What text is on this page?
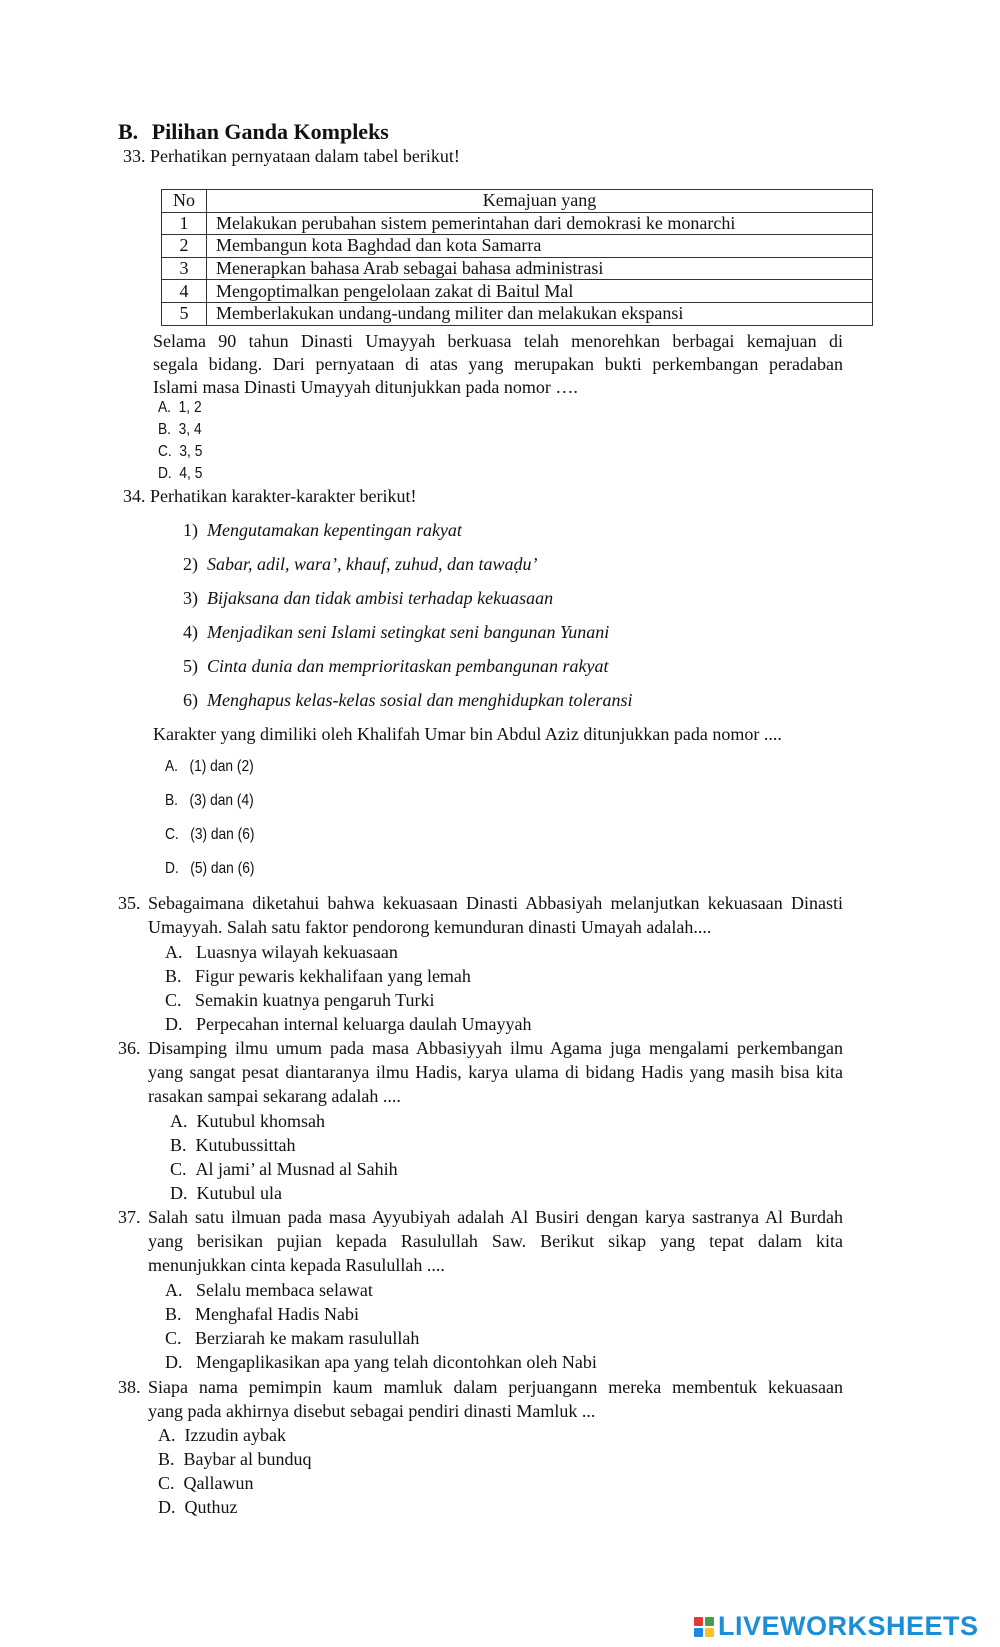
B. Pilihan Ganda Kompleks
33. Perhatikan pernyataan dalam tabel berikut!
No	Kemajuan yang
1	Melakukan perubahan sistem pemerintahan dari demokrasi ke monarchi
2	Membangun kota Baghdad dan kota Samarra
3	Menerapkan bahasa Arab sebagai bahasa administrasi
4	Mengoptimalkan pengelolaan zakat di Baitul Mal
5	Memberlakukan undang-undang militer dan melakukan ekspansi
Selama 90 tahun Dinasti Umayyah berkuasa telah menorehkan berbagai kemajuan di
segala bidang. Dari pernyataan di atas yang merupakan bukti perkembangan peradaban
Islami masa Dinasti Umayyah ditunjukkan pada nomor ….
A. 1, 2
B. 3, 4
C. 3, 5
D. 4, 5
34. Perhatikan karakter-karakter berikut!
1) Mengutamakan kepentingan rakyat
2) Sabar, adil, wara’, khauf, zuhud, dan tawaḍu’
3) Bijaksana dan tidak ambisi terhadap kekuasaan
4) Menjadikan seni Islami setingkat seni bangunan Yunani
5) Cinta dunia dan memprioritaskan pembangunan rakyat
6) Menghapus kelas-kelas sosial dan menghidupkan toleransi
Karakter yang dimiliki oleh Khalifah Umar bin Abdul Aziz ditunjukkan pada nomor ....
A. (1) dan (2)
B. (3) dan (4)
C. (3) dan (6)
D. (5) dan (6)
35. Sebagaimana diketahui bahwa kekuasaan Dinasti Abbasiyah melanjutkan kekuasaan Dinasti
Umayyah. Salah satu faktor pendorong kemunduran dinasti Umayah adalah....
A. Luasnya wilayah kekuasaan
B. Figur pewaris kekhalifaan yang lemah
C. Semakin kuatnya pengaruh Turki
D. Perpecahan internal keluarga daulah Umayyah
36. Disamping ilmu umum pada masa Abbasiyyah ilmu Agama juga mengalami perkembangan
yang sangat pesat diantaranya ilmu Hadis, karya ulama di bidang Hadis yang masih bisa kita
rasakan sampai sekarang adalah ....
A. Kutubul khomsah
B. Kutubussittah
C. Al jami’ al Musnad al Sahih
D. Kutubul ula
37. Salah satu ilmuan pada masa Ayyubiyah adalah Al Busiri dengan karya sastranya Al Burdah
yang berisikan pujian kepada Rasulullah Saw. Berikut sikap yang tepat dalam kita
menunjukkan cinta kepada Rasulullah ....
A. Selalu membaca selawat
B. Menghafal Hadis Nabi
C. Berziarah ke makam rasulullah
D. Mengaplikasikan apa yang telah dicontohkan oleh Nabi
38. Siapa nama pemimpin kaum mamluk dalam perjuangann mereka membentuk kekuasaan
yang pada akhirnya disebut sebagai pendiri dinasti Mamluk ...
A. Izzudin aybak
B. Baybar al bunduq
C. Qallawun
D. Quthuz
LIVEWORKSHEETS
